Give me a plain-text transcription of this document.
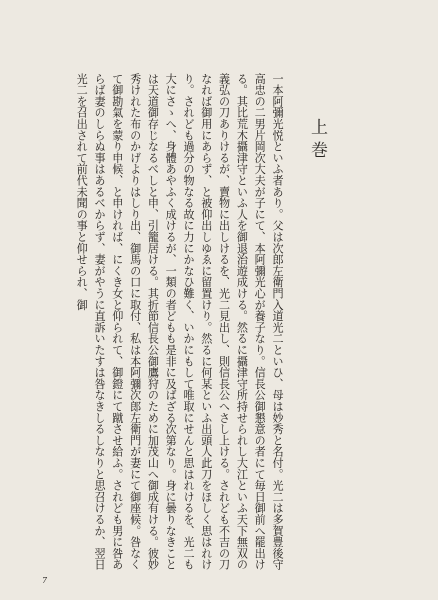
上巻

一本阿彌光悦といふ者あり。父は次郎左衛門入道光二といひ、母は妙秀と名付。光二は多賀豊後守高忠の二男片岡次大夫が子にて、本阿彌光心が養子なり。信長公御懇意の者にて毎日御前へ罷出ける。其比荒木攝津守といふ人を御退治遊成ける。然るに攝津守所持せられし大江といふ天下無双の義弘の刀ありけるが、賣物に出しけるを、光二見出し、則信長公へさし上ける。されども不吉の刀なれば御用にあらず、と被仰出しゆゑに留置けり。然るに何某といふ出頭人此刀をほしく思はれけり。されども過分の物なる故に力にかなひ難く、いかにもして唯取にせんと思はれけるを、光二も大にさゝへ、身體あやふく成けるが、一類の者どもも是非に及ばざる次第なり。身に曇りなきことは天道御存じなるべしと申、引籠居ける。其折節信長公御鷹狩のために加茂山へ御成有ける。彼妙秀けれた布のかげよりはしり出、御馬の口に取付、私は本阿彌次郎左衛門が妻にて御座候。咎なくて御勘氣を蒙り申候、と申ければ、にくき女と仰られて、御鐙にて蹴させ給ふ。されども男に咎あらば妻のしらぬ事はあるべからず、妻がやうに直訴いたすは咎なきしるしなりと思召けるか、翌日光二を召出されて前代未聞の事と仰せられ、御

7
